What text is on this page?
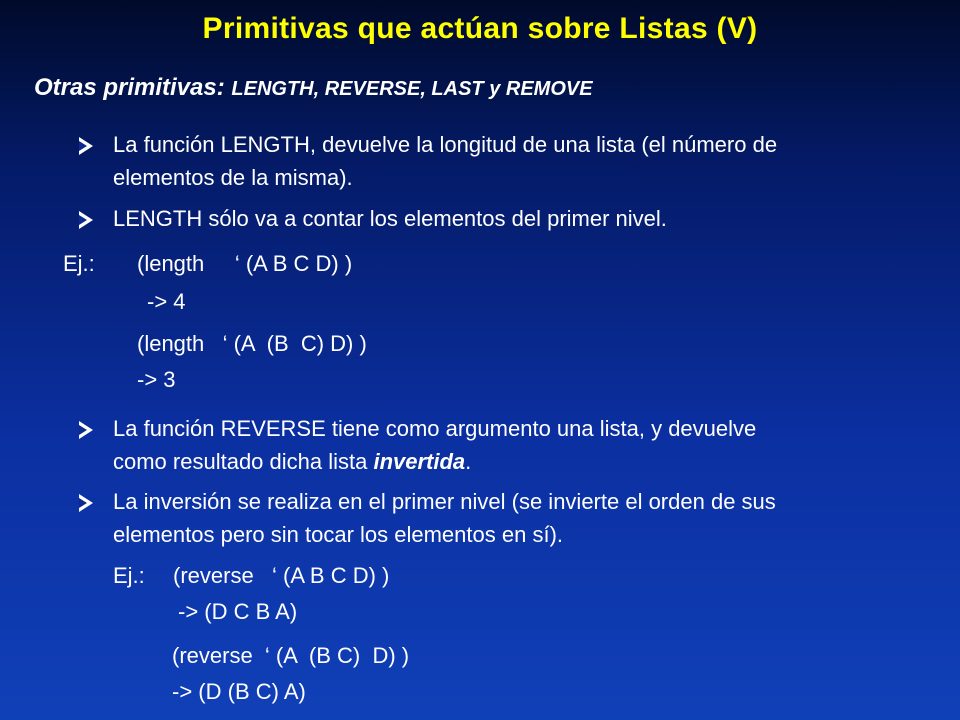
Primitivas que actúan sobre Listas (V)
Otras primitivas: LENGTH, REVERSE, LAST y REMOVE
La función LENGTH, devuelve la longitud de una lista (el número de
elementos de la misma).
LENGTH sólo va a contar los elementos del primer nivel.
Ej.: (length     ‘ (A B C D) )
-> 4
(length   ‘ (A  (B  C) D) )
-> 3
La función REVERSE tiene como argumento una lista, y devuelve
como resultado dicha lista invertida.
La inversión se realiza en el primer nivel (se invierte el orden de sus
elementos pero sin tocar los elementos en sí).
Ej.: (reverse   ‘ (A B C D) )
-> (D C B A)
(reverse  ‘ (A  (B C)  D) )
-> (D (B C) A)
